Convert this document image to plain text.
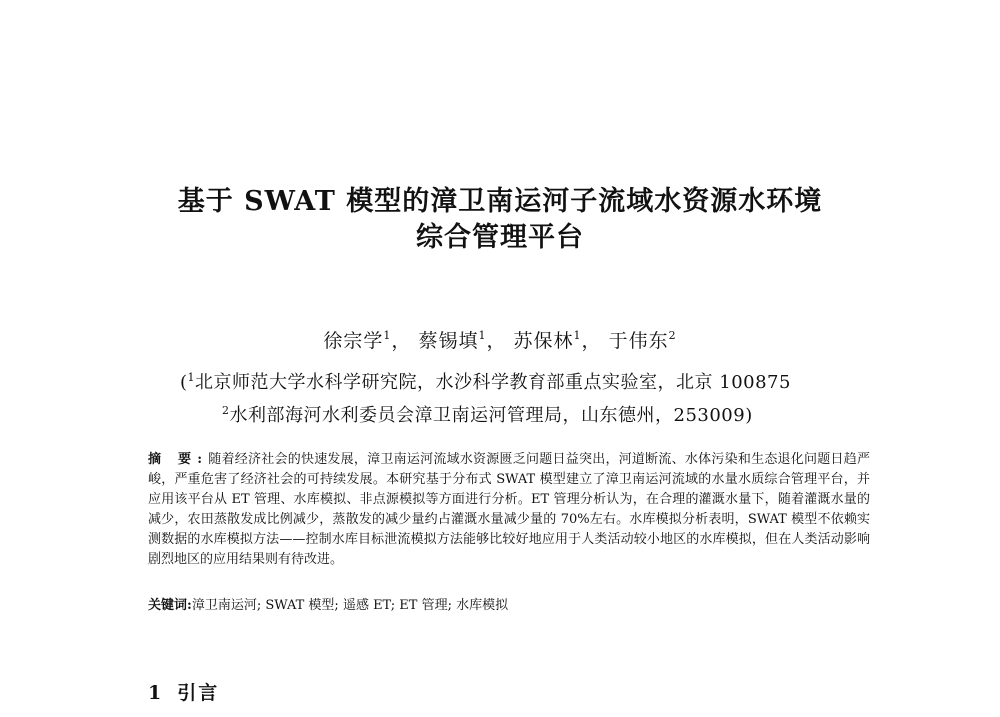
基于 SWAT 模型的漳卫南运河子流域水资源水环境
综合管理平台
徐宗学$^1$， 蔡锡填$^1$， 苏保林$^1$， 于伟东$^2$
($^1$北京师范大学水科学研究院，水沙科学教育部重点实验室，北京 100875
$^2$水利部海河水利委员会漳卫南运河管理局，山东德州，253009)
摘 要:随着经济社会的快速发展，漳卫南运河流域水资源匮乏问题日益突出，河道断流、水体污染和生态退化问题日趋严峻，严重危害了经济社会的可持续发展。本研究基于分布式 SWAT 模型建立了漳卫南运河流域的水量水质综合管理平台，并应用该平台从 ET 管理、水库模拟、非点源模拟等方面进行分析。ET 管理分析认为，在合理的灌溉水量下，随着灌溉水量的减少，农田蒸散发成比例减少，蒸散发的减少量约占灌溉水量减少量的 70%左右。水库模拟分析表明，SWAT 模型不依赖实测数据的水库模拟方法——控制水库目标泄流模拟方法能够比较好地应用于人类活动较小地区的水库模拟，但在人类活动影响剧烈地区的应用结果则有待改进。
关键词:漳卫南运河; SWAT 模型; 遥感 ET; ET 管理; 水库模拟
1 引言
